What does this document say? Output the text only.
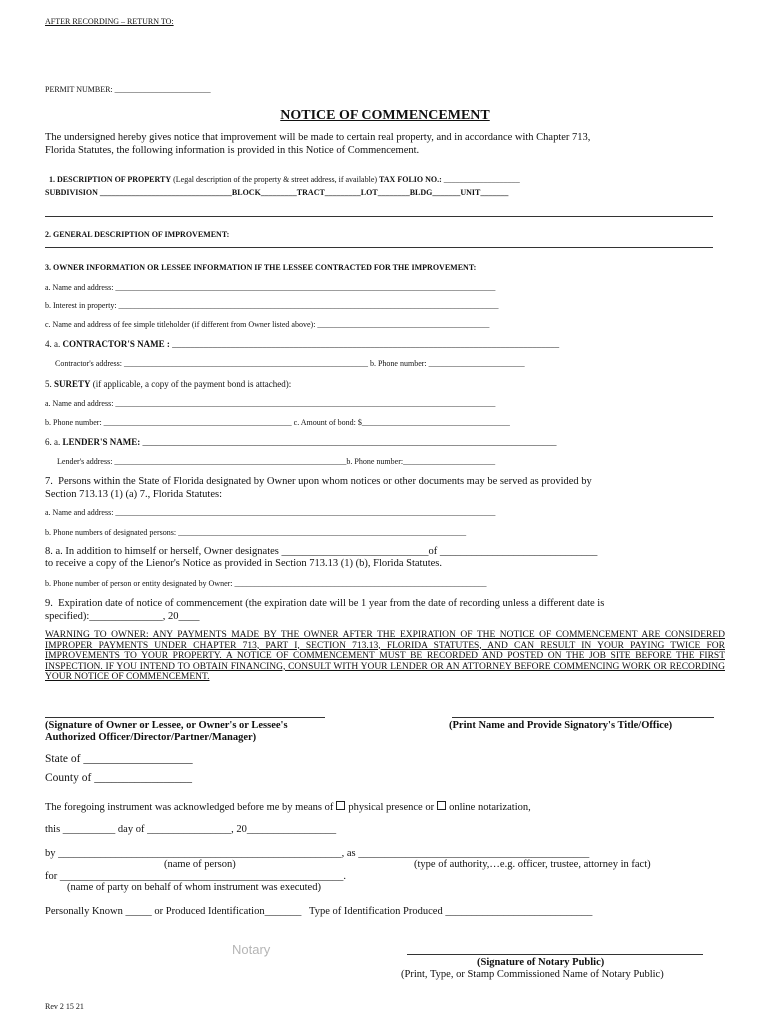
AFTER RECORDING – RETURN TO:
PERMIT NUMBER: ________________________
NOTICE OF COMMENCEMENT
The undersigned hereby gives notice that improvement will be made to certain real property, and in accordance with Chapter 713,
Florida Statutes, the following information is provided in this Notice of Commencement.

1. DESCRIPTION OF PROPERTY (Legal description of the property & street address, if available) TAX FOLIO NO.: ___________________

SUBDIVISION _________________________________BLOCK_________TRACT_________LOT________BLDG_______UNIT_______
2. GENERAL DESCRIPTION OF IMPROVEMENT:
3. OWNER INFORMATION OR LESSEE INFORMATION IF THE LESSEE CONTRACTED FOR THE IMPROVEMENT:
a. Name and address: _______________________________________________________________________________________________
b. Interest in property: _______________________________________________________________________________________________
c. Name and address of fee simple titleholder (if different from Owner listed above): ___________________________________________
4. a. CONTRACTOR'S NAME : ______________________________________________________________________________________
Contractor's address: _____________________________________________________________ b. Phone number: ________________________
5. SURETY (if applicable, a copy of the payment bond is attached):
a. Name and address: _______________________________________________________________________________________________
b. Phone number: _______________________________________________ c. Amount of bond: $_____________________________________
6. a. LENDER'S NAME: ____________________________________________________________________________________________
Lender's address: __________________________________________________________b. Phone number:_______________________
7.  Persons within the State of Florida designated by Owner upon whom notices or other documents may be served as provided by
Section 713.13 (1) (a) 7., Florida Statutes:
a. Name and address: _______________________________________________________________________________________________
b. Phone numbers of designated persons: ________________________________________________________________________
8. a. In addition to himself or herself, Owner designates ____________________________of ______________________________
to receive a copy of the Lienor's Notice as provided in Section 713.13 (1) (b), Florida Statutes.
b. Phone number of person or entity designated by Owner: _______________________________________________________________
9.  Expiration date of notice of commencement (the expiration date will be 1 year from the date of recording unless a different date is
specified):______________, 20____
WARNING TO OWNER: ANY PAYMENTS MADE BY THE OWNER AFTER THE EXPIRATION OF THE NOTICE OF COMMENCEMENT ARE CONSIDERED IMPROPER PAYMENTS UNDER CHAPTER 713, PART I, SECTION 713.13, FLORIDA STATUTES, AND CAN RESULT IN YOUR PAYING TWICE FOR IMPROVEMENTS TO YOUR PROPERTY. A NOTICE OF COMMENCEMENT MUST BE RECORDED AND POSTED ON THE JOB SITE BEFORE THE FIRST INSPECTION. IF YOU INTEND TO OBTAIN FINANCING, CONSULT WITH YOUR LENDER OR AN ATTORNEY BEFORE COMMENCING WORK OR RECORDING YOUR NOTICE OF COMMENCEMENT.
(Signature of Owner or Lessee, or Owner's or Lessee's
Authorized Officer/Director/Partner/Manager)
(Print Name and Provide Signatory's Title/Office)
State of ___________________
County of _________________
The foregoing instrument was acknowledged before me by means of physical presence or online notarization,
this __________ day of ________________, 20_________________
by ______________________________________________________, as ____________________________________________
(name of person)	(type of authority,…e.g. officer, trustee, attorney in fact)
for ______________________________________________________.
(name of party on behalf of whom instrument was executed)
Personally Known _____ or Produced Identification_______   Type of Identification Produced ____________________________
Notary
(Signature of Notary Public)
(Print, Type, or Stamp Commissioned Name of Notary Public)
Rev 2 15 21
